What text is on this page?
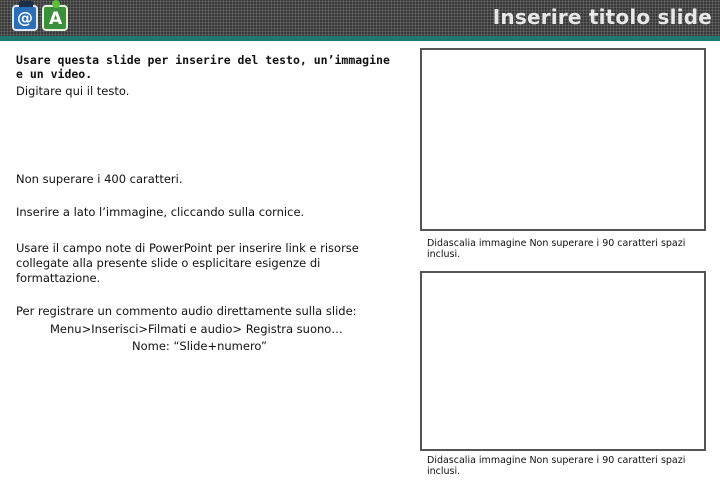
@ A	Inserire titolo slide
Usare questa slide per inserire del testo, un’immagine e un video.
Digitare qui il testo.
Non superare i 400 caratteri.
Inserire a lato l’immagine, cliccando sulla cornice.
Usare il campo note di PowerPoint per inserire link e risorse collegate alla presente slide o esplicitare esigenze di formattazione.
Per registrare un commento audio direttamente sulla slide:
Menu>Inserisci>Filmati e audio> Registra suono…
Nome: “Slide+numero”
Didascalia immagine Non superare i 90 caratteri spazi inclusi.
Didascalia immagine Non superare i 90 caratteri spazi inclusi.
